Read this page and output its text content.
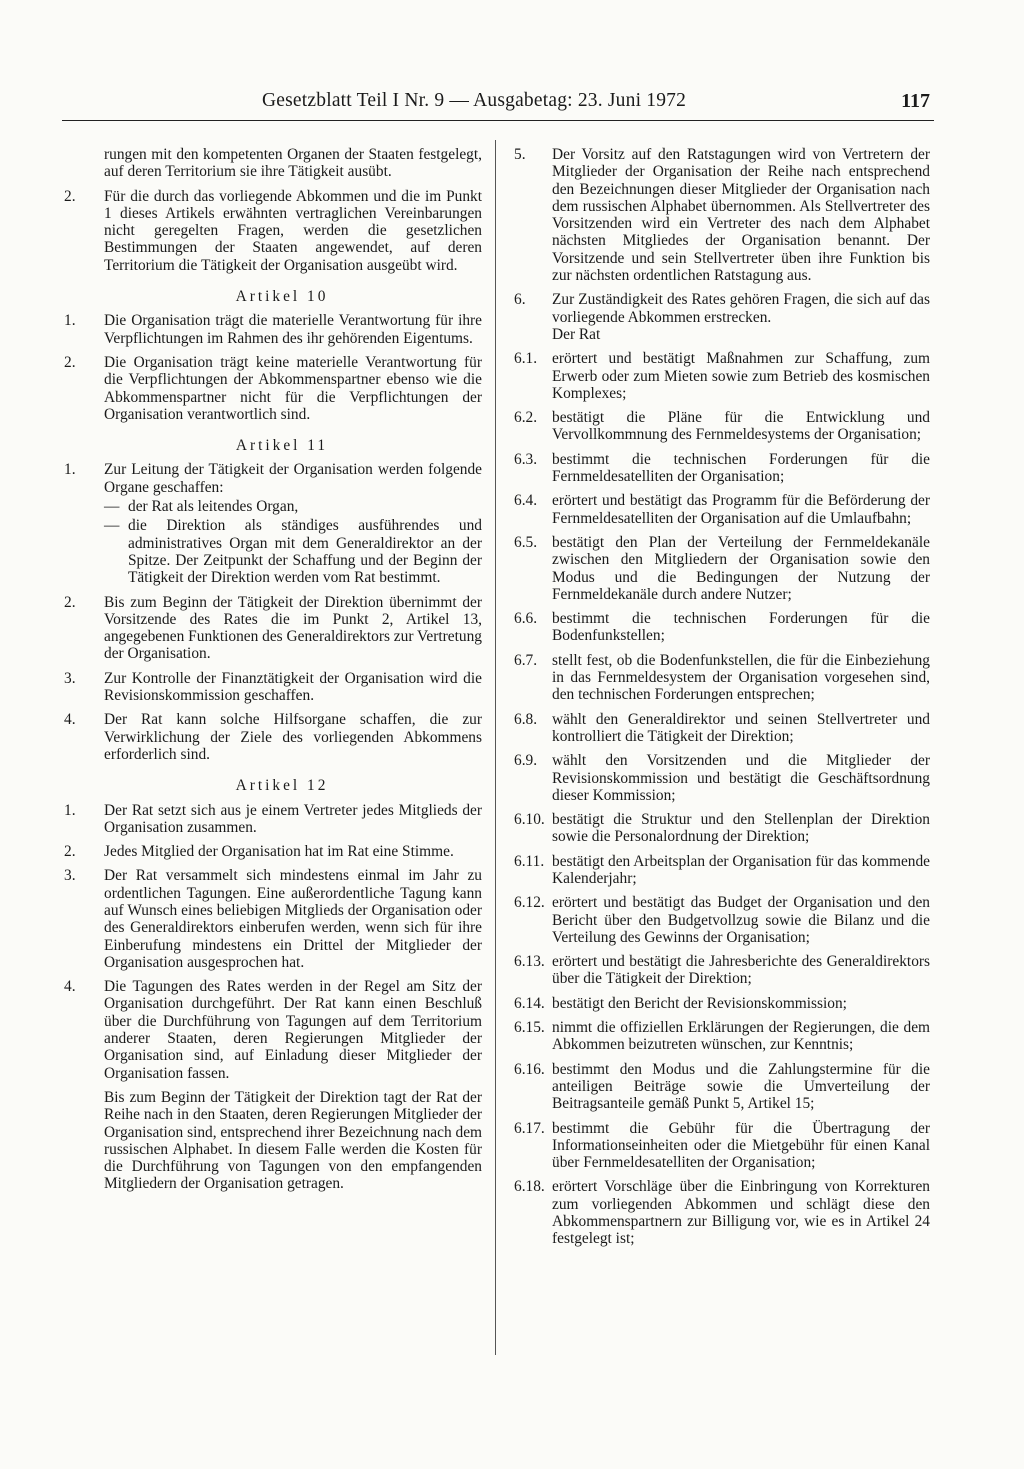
Gesetzblatt Teil I Nr. 9 — Ausgabetag: 23. Juni 1972	117
rungen mit den kompetenten Organen der Staaten festgelegt, auf deren Territorium sie ihre Tätigkeit ausübt.
2. Für die durch das vorliegende Abkommen und die im Punkt 1 dieses Artikels erwähnten vertraglichen Vereinbarungen nicht geregelten Fragen, werden die gesetzlichen Bestimmungen der Staaten angewendet, auf deren Territorium die Tätigkeit der Organisation ausgeübt wird.
Artikel 10
1. Die Organisation trägt die materielle Verantwortung für ihre Verpflichtungen im Rahmen des ihr gehörenden Eigentums.
2. Die Organisation trägt keine materielle Verantwortung für die Verpflichtungen der Abkommenspartner ebenso wie die Abkommenspartner nicht für die Verpflichtungen der Organisation verantwortlich sind.
Artikel 11
1. Zur Leitung der Tätigkeit der Organisation werden folgende Organe geschaffen:
— der Rat als leitendes Organ,
— die Direktion als ständiges ausführendes und administratives Organ mit dem Generaldirektor an der Spitze. Der Zeitpunkt der Schaffung und der Beginn der Tätigkeit der Direktion werden vom Rat bestimmt.
2. Bis zum Beginn der Tätigkeit der Direktion übernimmt der Vorsitzende des Rates die im Punkt 2, Artikel 13, angegebenen Funktionen des Generaldirektors zur Vertretung der Organisation.
3. Zur Kontrolle der Finanztätigkeit der Organisation wird die Revisionskommission geschaffen.
4. Der Rat kann solche Hilfsorgane schaffen, die zur Verwirklichung der Ziele des vorliegenden Abkommens erforderlich sind.
Artikel 12
1. Der Rat setzt sich aus je einem Vertreter jedes Mitglieds der Organisation zusammen.
2. Jedes Mitglied der Organisation hat im Rat eine Stimme.
3. Der Rat versammelt sich mindestens einmal im Jahr zu ordentlichen Tagungen. Eine außerordentliche Tagung kann auf Wunsch eines beliebigen Mitglieds der Organisation oder des Generaldirektors einberufen werden, wenn sich für ihre Einberufung mindestens ein Drittel der Mitglieder der Organisation ausgesprochen hat.
4. Die Tagungen des Rates werden in der Regel am Sitz der Organisation durchgeführt. Der Rat kann einen Beschluß über die Durchführung von Tagungen auf dem Territorium anderer Staaten, deren Regierungen Mitglieder der Organisation sind, auf Einladung dieser Mitglieder der Organisation fassen.
Bis zum Beginn der Tätigkeit der Direktion tagt der Rat der Reihe nach in den Staaten, deren Regierungen Mitglieder der Organisation sind, entsprechend ihrer Bezeichnung nach dem russischen Alphabet. In diesem Falle werden die Kosten für die Durchführung von Tagungen von den empfangenden Mitgliedern der Organisation getragen.
5. Der Vorsitz auf den Ratstagungen wird von Vertretern der Mitglieder der Organisation der Reihe nach entsprechend den Bezeichnungen dieser Mitglieder der Organisation nach dem russischen Alphabet übernommen. Als Stellvertreter des Vorsitzenden wird ein Vertreter des nach dem Alphabet nächsten Mitgliedes der Organisation benannt. Der Vorsitzende und sein Stellvertreter üben ihre Funktion bis zur nächsten ordentlichen Ratstagung aus.
6. Zur Zuständigkeit des Rates gehören Fragen, die sich auf das vorliegende Abkommen erstrecken.
Der Rat
6.1. erörtert und bestätigt Maßnahmen zur Schaffung, zum Erwerb oder zum Mieten sowie zum Betrieb des kosmischen Komplexes;
6.2. bestätigt die Pläne für die Entwicklung und Vervollkommnung des Fernmeldesystems der Organisation;
6.3. bestimmt die technischen Forderungen für die Fernmeldesatelliten der Organisation;
6.4. erörtert und bestätigt das Programm für die Beförderung der Fernmeldesatelliten der Organisation auf die Umlaufbahn;
6.5. bestätigt den Plan der Verteilung der Fernmeldekanäle zwischen den Mitgliedern der Organisation sowie den Modus und die Bedingungen der Nutzung der Fernmeldekanäle durch andere Nutzer;
6.6. bestimmt die technischen Forderungen für die Bodenfunkstellen;
6.7. stellt fest, ob die Bodenfunkstellen, die für die Einbeziehung in das Fernmeldesystem der Organisation vorgesehen sind, den technischen Forderungen entsprechen;
6.8. wählt den Generaldirektor und seinen Stellvertreter und kontrolliert die Tätigkeit der Direktion;
6.9. wählt den Vorsitzenden und die Mitglieder der Revisionskommission und bestätigt die Geschäftsordnung dieser Kommission;
6.10. bestätigt die Struktur und den Stellenplan der Direktion sowie die Personalordnung der Direktion;
6.11. bestätigt den Arbeitsplan der Organisation für das kommende Kalenderjahr;
6.12. erörtert und bestätigt das Budget der Organisation und den Bericht über den Budgetvollzug sowie die Bilanz und die Verteilung des Gewinns der Organisation;
6.13. erörtert und bestätigt die Jahresberichte des Generaldirektors über die Tätigkeit der Direktion;
6.14. bestätigt den Bericht der Revisionskommission;
6.15. nimmt die offiziellen Erklärungen der Regierungen, die dem Abkommen beizutreten wünschen, zur Kenntnis;
6.16. bestimmt den Modus und die Zahlungstermine für die anteiligen Beiträge sowie die Umverteilung der Beitragsanteile gemäß Punkt 5, Artikel 15;
6.17. bestimmt die Gebühr für die Übertragung der Informationseinheiten oder die Mietgebühr für einen Kanal über Fernmeldesatelliten der Organisation;
6.18. erörtert Vorschläge über die Einbringung von Korrekturen zum vorliegenden Abkommen und schlägt diese den Abkommenspartnern zur Billigung vor, wie es in Artikel 24 festgelegt ist;
